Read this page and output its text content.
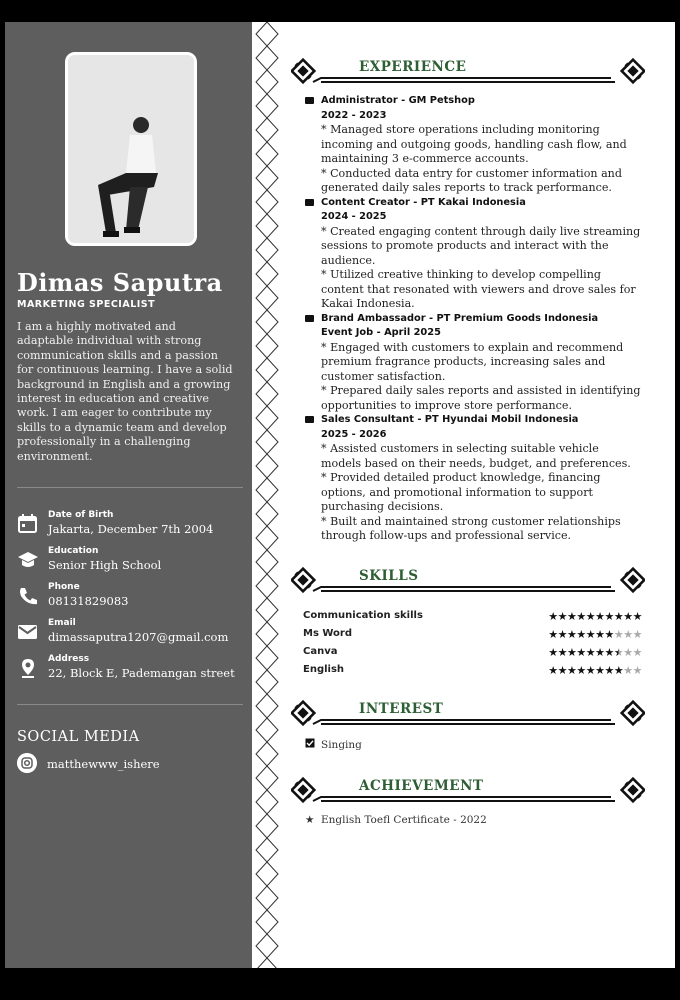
Dimas Saputra
MARKETING SPECIALIST
I am a highly motivated and
adaptable individual with strong
communication skills and a passion
for continuous learning. I have a solid
background in English and a growing
interest in education and creative
work. I am eager to contribute my
skills to a dynamic team and develop
professionally in a challenging
environment.
Date of Birth
Jakarta, December 7th 2004
Education
Senior High School
Phone
08131829083
Email
dimassaputra1207@gmail.com
Address
22, Block E, Pademangan street
SOCIAL MEDIA
matthewww_ishere
EXPERIENCE
Administrator - GM Petshop
2022 - 2023
* Managed store operations including monitoring
incoming and outgoing goods, handling cash flow, and
maintaining 3 e-commerce accounts.
* Conducted data entry for customer information and
generated daily sales reports to track performance.
Content Creator - PT Kakai Indonesia
2024 - 2025
* Created engaging content through daily live streaming
sessions to promote products and interact with the
audience.
* Utilized creative thinking to develop compelling
content that resonated with viewers and drove sales for
Kakai Indonesia.
Brand Ambassador - PT Premium Goods Indonesia
Event Job - April 2025
* Engaged with customers to explain and recommend
premium fragrance products, increasing sales and
customer satisfaction.
* Prepared daily sales reports and assisted in identifying
opportunities to improve store performance.
Sales Consultant - PT Hyundai Mobil Indonesia
2025 - 2026
* Assisted customers in selecting suitable vehicle
models based on their needs, budget, and preferences.
* Provided detailed product knowledge, financing
options, and promotional information to support
purchasing decisions.
* Built and maintained strong customer relationships
through follow-ups and professional service.
SKILLS
Communication skills	★★★★★★★★★★
Ms Word	★★★★★★★★★★
Canva	★★★★★★★★★★
English	★★★★★★★★★★
INTEREST
Singing
ACHIEVEMENT
★ English Toefl Certificate - 2022
